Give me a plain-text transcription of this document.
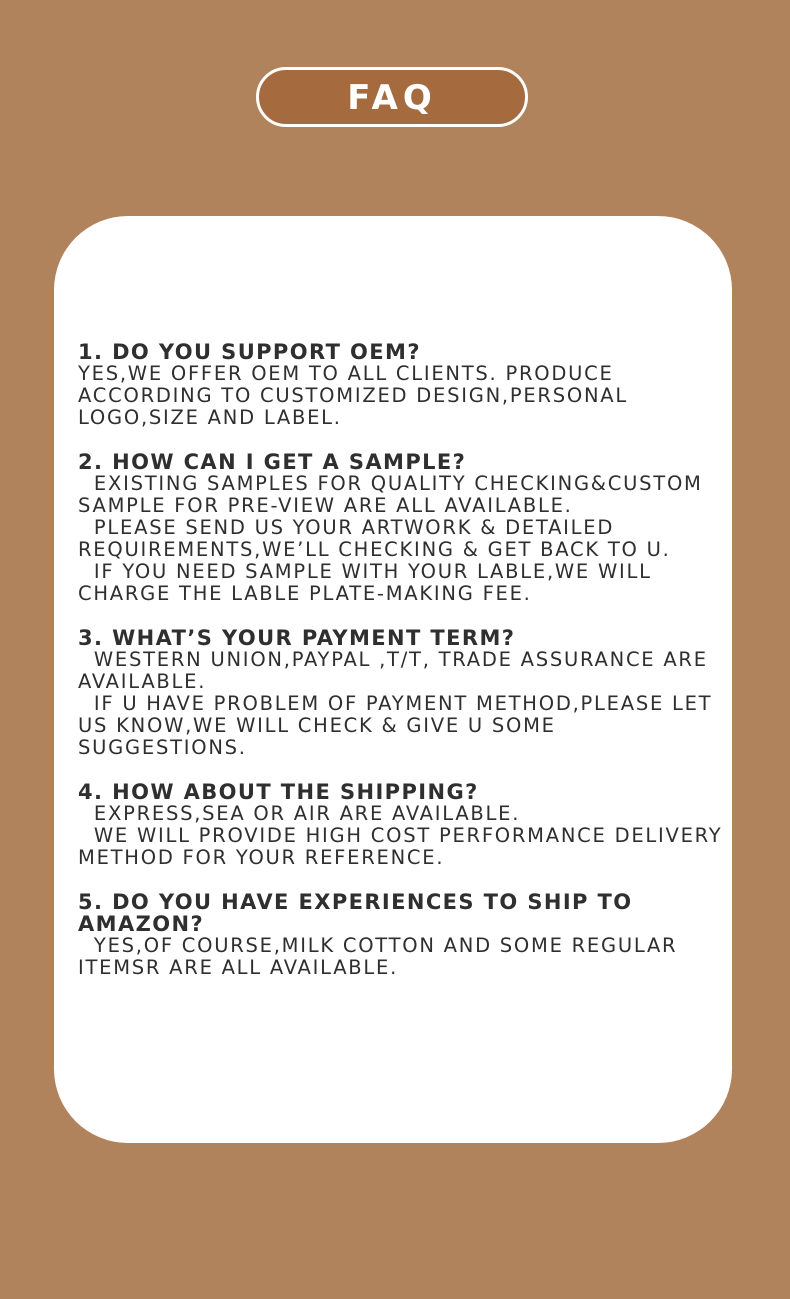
FAQ

1. DO YOU SUPPORT OEM?

YES,WE OFFER OEM TO ALL CLIENTS. PRODUCE ACCORDING TO CUSTOMIZED DESIGN,PERSONAL LOGO,SIZE AND LABEL.

2. HOW CAN I GET A SAMPLE?

EXISTING SAMPLES FOR QUALITY CHECKING&CUSTOM SAMPLE FOR PRE-VIEW ARE ALL AVAILABLE.
PLEASE SEND US YOUR ARTWORK & DETAILED REQUIREMENTS,WE’LL CHECKING & GET BACK TO U.
IF YOU NEED SAMPLE WITH YOUR LABLE,WE WILL CHARGE THE LABLE PLATE-MAKING FEE.

3. WHAT’S YOUR PAYMENT TERM?

WESTERN UNION,PAYPAL ,T/T, TRADE ASSURANCE ARE AVAILABLE.
IF U HAVE PROBLEM OF PAYMENT METHOD,PLEASE LET US KNOW,WE WILL CHECK & GIVE U SOME SUGGESTIONS.

4. HOW ABOUT THE SHIPPING?

EXPRESS,SEA OR AIR ARE AVAILABLE.
WE WILL PROVIDE HIGH COST PERFORMANCE DELIVERY METHOD FOR YOUR REFERENCE.

5. DO YOU HAVE EXPERIENCES TO SHIP TO AMAZON?

YES,OF COURSE,MILK COTTON AND SOME REGULAR ITEMSR ARE ALL AVAILABLE.
